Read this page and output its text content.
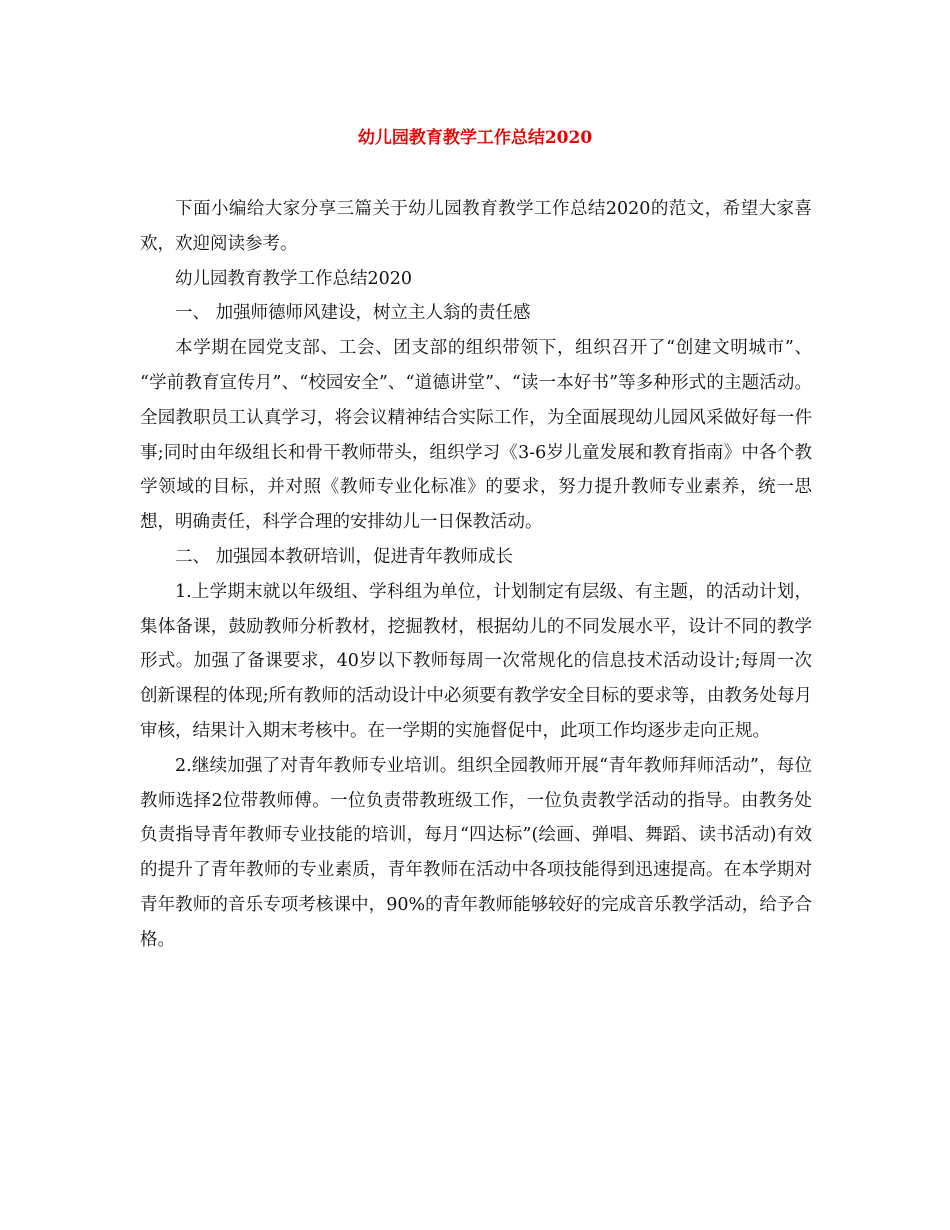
幼儿园教育教学工作总结2020

下面小编给大家分享三篇关于幼儿园教育教学工作总结2020的范文，希望大家喜欢，欢迎阅读参考。

幼儿园教育教学工作总结2020

一、 加强师德师风建设，树立主人翁的责任感

本学期在园党支部、工会、团支部的组织带领下，组织召开了“创建文明城市”、 “学前教育宣传月”、“校园安全”、“道德讲堂”、“读一本好书”等多种形式的主题活动。全园教职员工认真学习，将会议精神结合实际工作，为全面展现幼儿园风采做好每一件事;同时由年级组长和骨干教师带头，组织学习《3-6岁儿童发展和教育指南》中各个教学领域的目标，并对照《教师专业化标准》的要求，努力提升教师专业素养，统一思想，明确责任，科学合理的安排幼儿一日保教活动。

二、 加强园本教研培训，促进青年教师成长

1.上学期末就以年级组、学科组为单位，计划制定有层级、有主题，的活动计划，集体备课，鼓励教师分析教材，挖掘教材，根据幼儿的不同发展水平，设计不同的教学形式。加强了备课要求，40岁以下教师每周一次常规化的信息技术活动设计;每周一次创新课程的体现;所有教师的活动设计中必须要有教学安全目标的要求等，由教务处每月审核，结果计入期末考核中。在一学期的实施督促中，此项工作均逐步走向正规。

2.继续加强了对青年教师专业培训。组织全园教师开展“青年教师拜师活动”，每位教师选择2位带教师傅。一位负责带教班级工作，一位负责教学活动的指导。由教务处负责指导青年教师专业技能的培训，每月“四达标”(绘画、弹唱、舞蹈、读书活动)有效的提升了青年教师的专业素质，青年教师在活动中各项技能得到迅速提高。在本学期对青年教师的音乐专项考核课中，90%的青年教师能够较好的完成音乐教学活动，给予合格。
